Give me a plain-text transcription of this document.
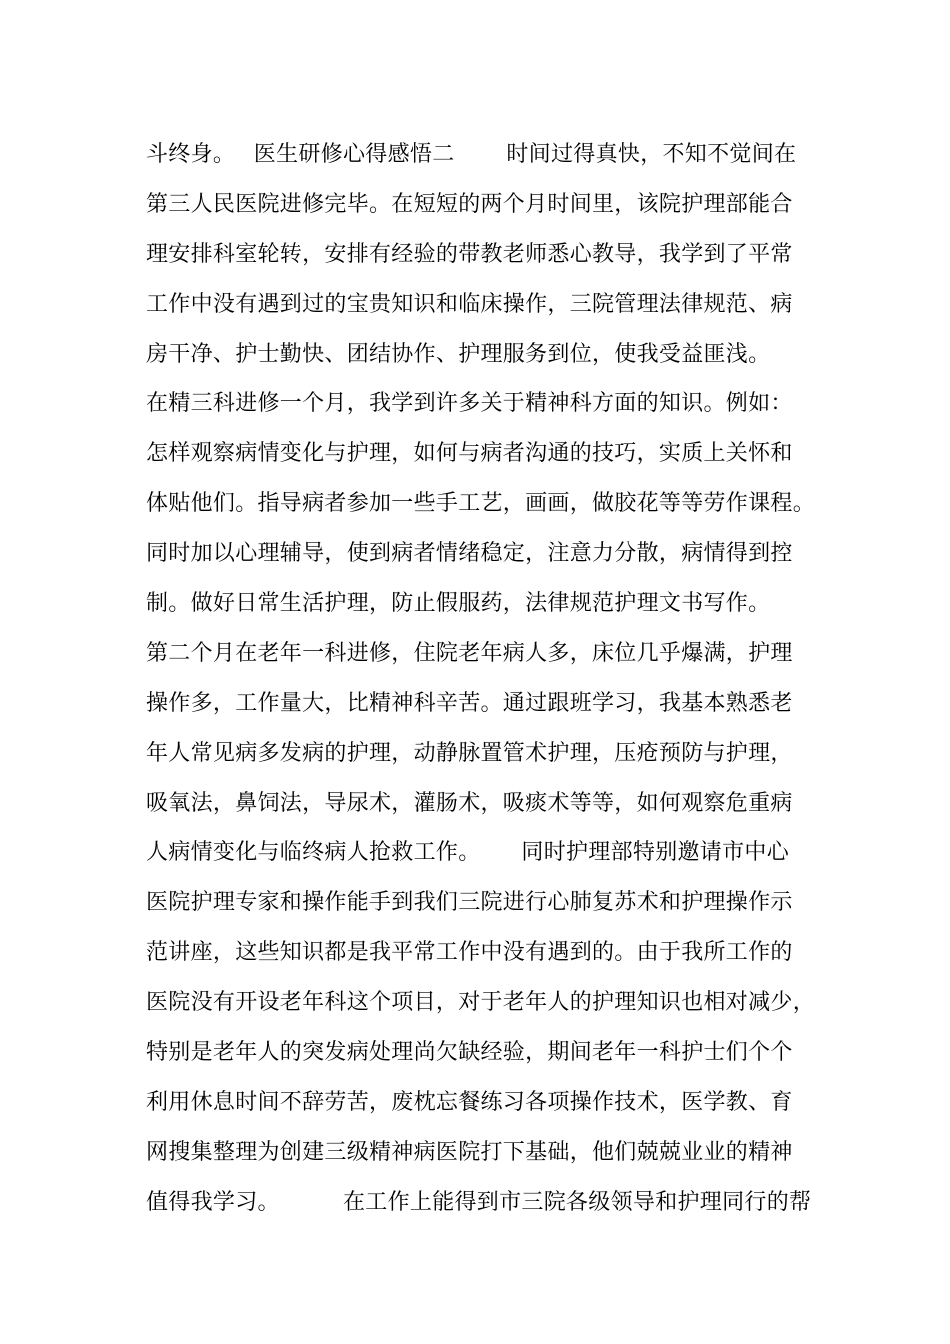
斗终身。　 医生研修心得感悟二　　 时间过得真快，不知不觉间在
第三人民医院进修完毕。在短短的两个月时间里，该院护理部能合
理安排科室轮转，安排有经验的带教老师悉心教导，我学到了平常
工作中没有遇到过的宝贵知识和临床操作，三院管理法律规范、病
房干净、护士勤快、团结协作、护理服务到位，使我受益匪浅。
在精三科进修一个月，我学到许多关于精神科方面的知识。例如：
怎样观察病情变化与护理，如何与病者沟通的技巧，实质上关怀和
体贴他们。指导病者参加一些手工艺，画画，做胶花等等劳作课程。
同时加以心理辅导，使到病者情绪稳定，注意力分散，病情得到控
制。做好日常生活护理，防止假服药，法律规范护理文书写作。
第二个月在老年一科进修，住院老年病人多，床位几乎爆满，护理
操作多，工作量大，比精神科辛苦。通过跟班学习，我基本熟悉老
年人常见病多发病的护理，动静脉置管术护理，压疮预防与护理，
吸氧法，鼻饲法，导尿术，灌肠术，吸痰术等等，如何观察危重病
人病情变化与临终病人抢救工作。　　 同时护理部特别邀请市中心
医院护理专家和操作能手到我们三院进行心肺复苏术和护理操作示
范讲座，这些知识都是我平常工作中没有遇到的。由于我所工作的
医院没有开设老年科这个项目，对于老年人的护理知识也相对减少，
特别是老年人的突发病处理尚欠缺经验，期间老年一科护士们个个
利用休息时间不辞劳苦，废枕忘餐练习各项操作技术，医学教、育
网搜集整理为创建三级精神病医院打下基础，他们兢兢业业的精神
值得我学习。　　　 在工作上能得到市三院各级领导和护理同行的帮
